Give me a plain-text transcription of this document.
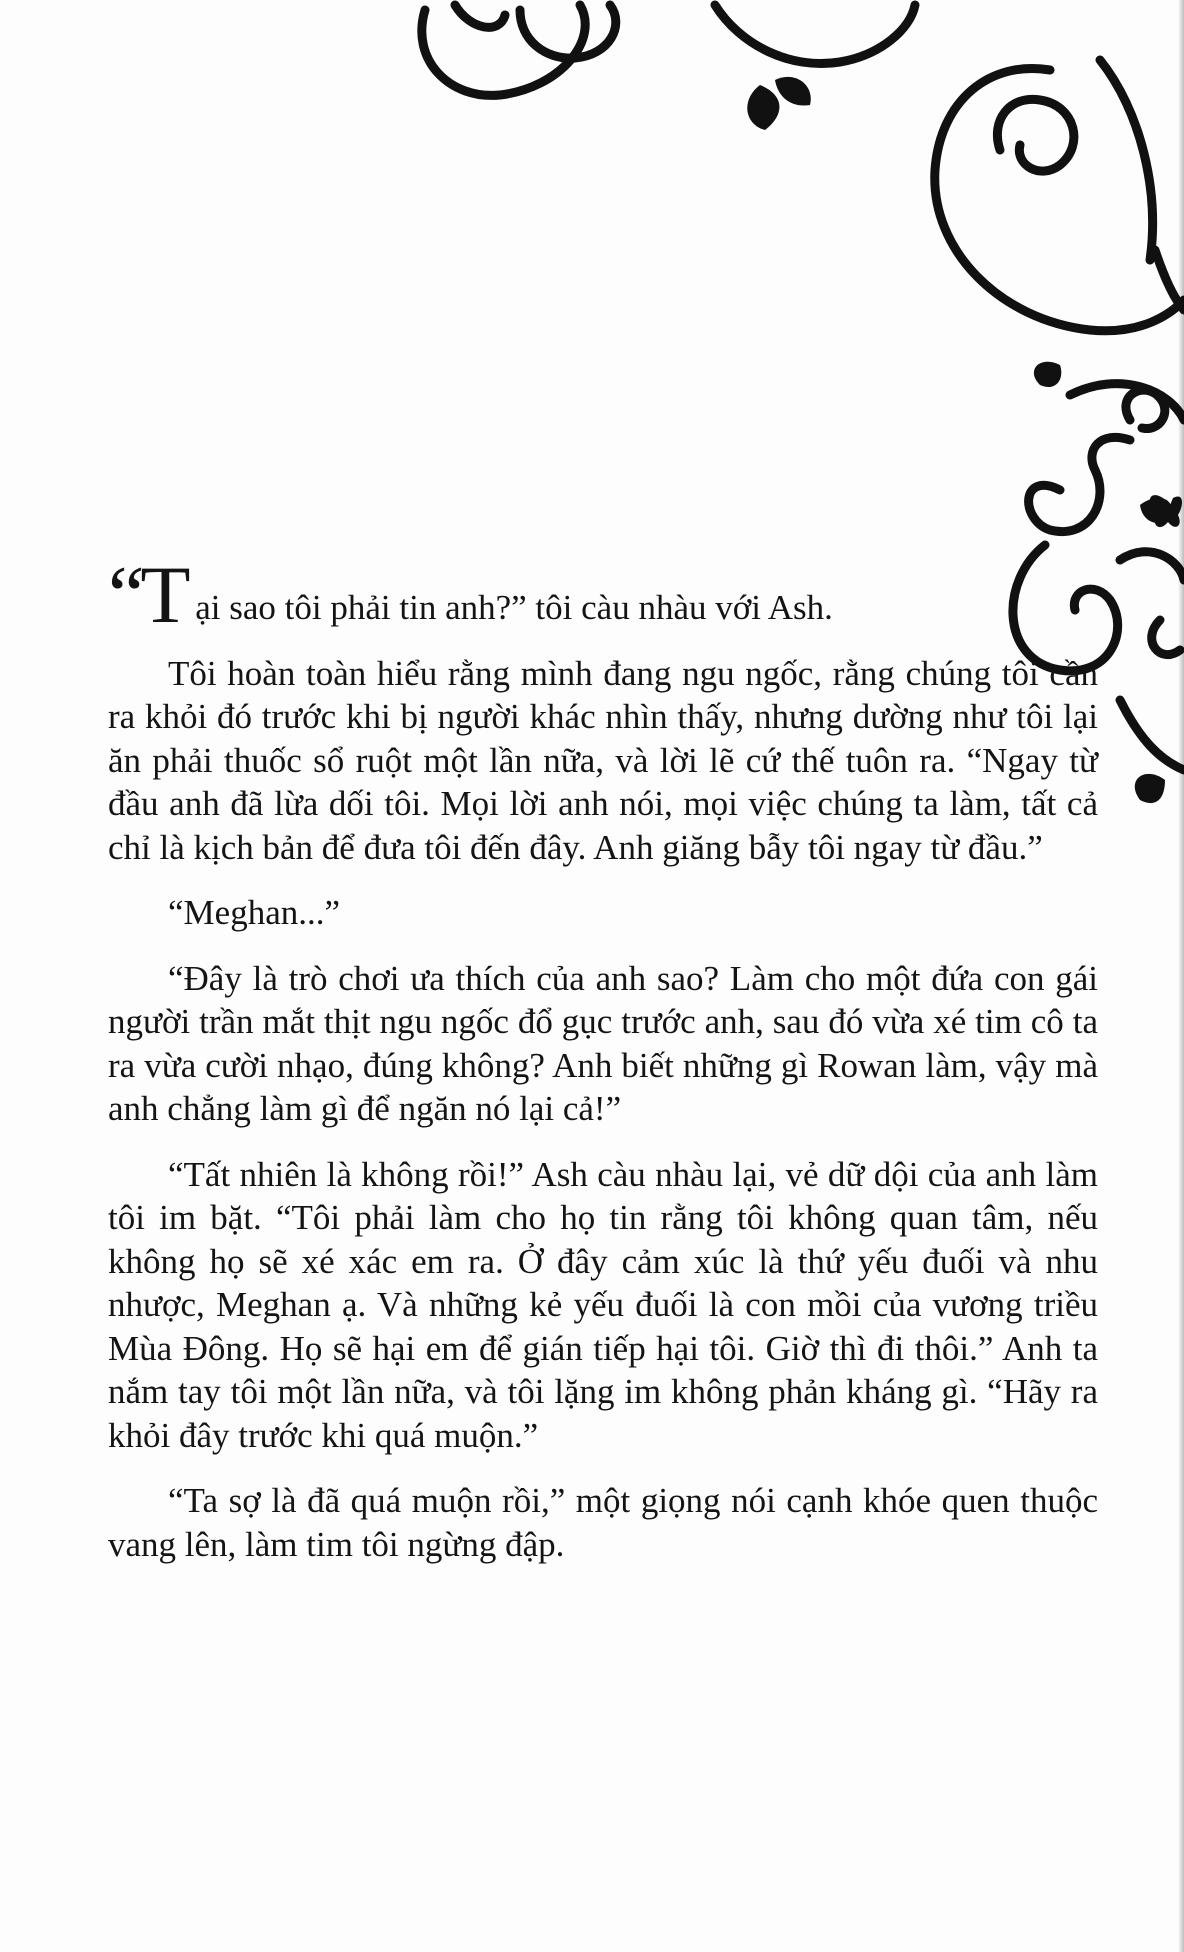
“T ại sao tôi phải tin anh?” tôi càu nhàu với Ash.

Tôi hoàn toàn hiểu rằng mình đang ngu ngốc, rằng chúng tôi cần ra khỏi đó trước khi bị người khác nhìn thấy, nhưng dường như tôi lại ăn phải thuốc sổ ruột một lần nữa, và lời lẽ cứ thế tuôn ra. “Ngay từ đầu anh đã lừa dối tôi. Mọi lời anh nói, mọi việc chúng ta làm, tất cả chỉ là kịch bản để đưa tôi đến đây. Anh giăng bẫy tôi ngay từ đầu.”

“Meghan...”

“Đây là trò chơi ưa thích của anh sao? Làm cho một đứa con gái người trần mắt thịt ngu ngốc đổ gục trước anh, sau đó vừa xé tim cô ta ra vừa cười nhạo, đúng không? Anh biết những gì Rowan làm, vậy mà anh chẳng làm gì để ngăn nó lại cả!”

“Tất nhiên là không rồi!” Ash càu nhàu lại, vẻ dữ dội của anh làm tôi im bặt. “Tôi phải làm cho họ tin rằng tôi không quan tâm, nếu không họ sẽ xé xác em ra. Ở đây cảm xúc là thứ yếu đuối và nhu nhược, Meghan ạ. Và những kẻ yếu đuối là con mồi của vương triều Mùa Đông. Họ sẽ hại em để gián tiếp hại tôi. Giờ thì đi thôi.” Anh ta nắm tay tôi một lần nữa, và tôi lặng im không phản kháng gì. “Hãy ra khỏi đây trước khi quá muộn.”

“Ta sợ là đã quá muộn rồi,” một giọng nói cạnh khóe quen thuộc vang lên, làm tim tôi ngừng đập.
